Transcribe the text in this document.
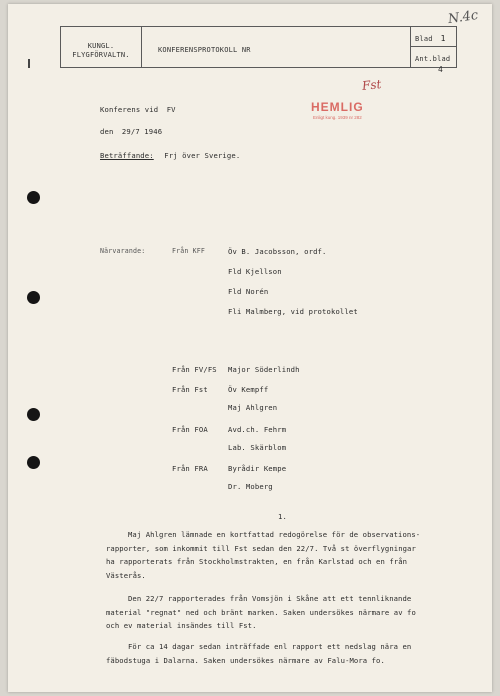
N.4c
KUNGL.
FLYGFÖRVALTN.
KONFERENSPROTOKOLL NR
Blad 1
Ant.blad
4
Fst
HEMLIG
Enligt kung. 1939 nr 282
Konferens vid FV
den 29/7 1946
Beträffande: Frj över Sverige.
Närvarande:	Från KFF	Öv B. Jacobsson, ordf.
Fld Kjellson
Fld Norén
Fli Malmberg, vid protokollet
Från FV/FS Major Söderlindh
Från Fst	Öv Kempff
Maj Ahlgren
Från FOA	Avd.ch. Fehrm
Lab. Skärblom
Från FRA	Byrådir Kempe
Dr. Moberg
1.
Maj Ahlgren lämnade en kortfattad redogörelse för de observations-
rapporter, som inkommit till Fst sedan den 22/7. Två st överflygningar
ha rapporterats från Stockholmstrakten, en från Karlstad och en från
Västerås.
Den 22/7 rapporterades från Vomsjön i Skåne att ett tennliknande
material "regnat" ned och bränt marken. Saken undersökes närmare av fo
och ev material insändes till Fst.
För ca 14 dagar sedan inträffade enl rapport ett nedslag nära en
fäbodstuga i Dalarna. Saken undersökes närmare av Falu-Mora fo.
